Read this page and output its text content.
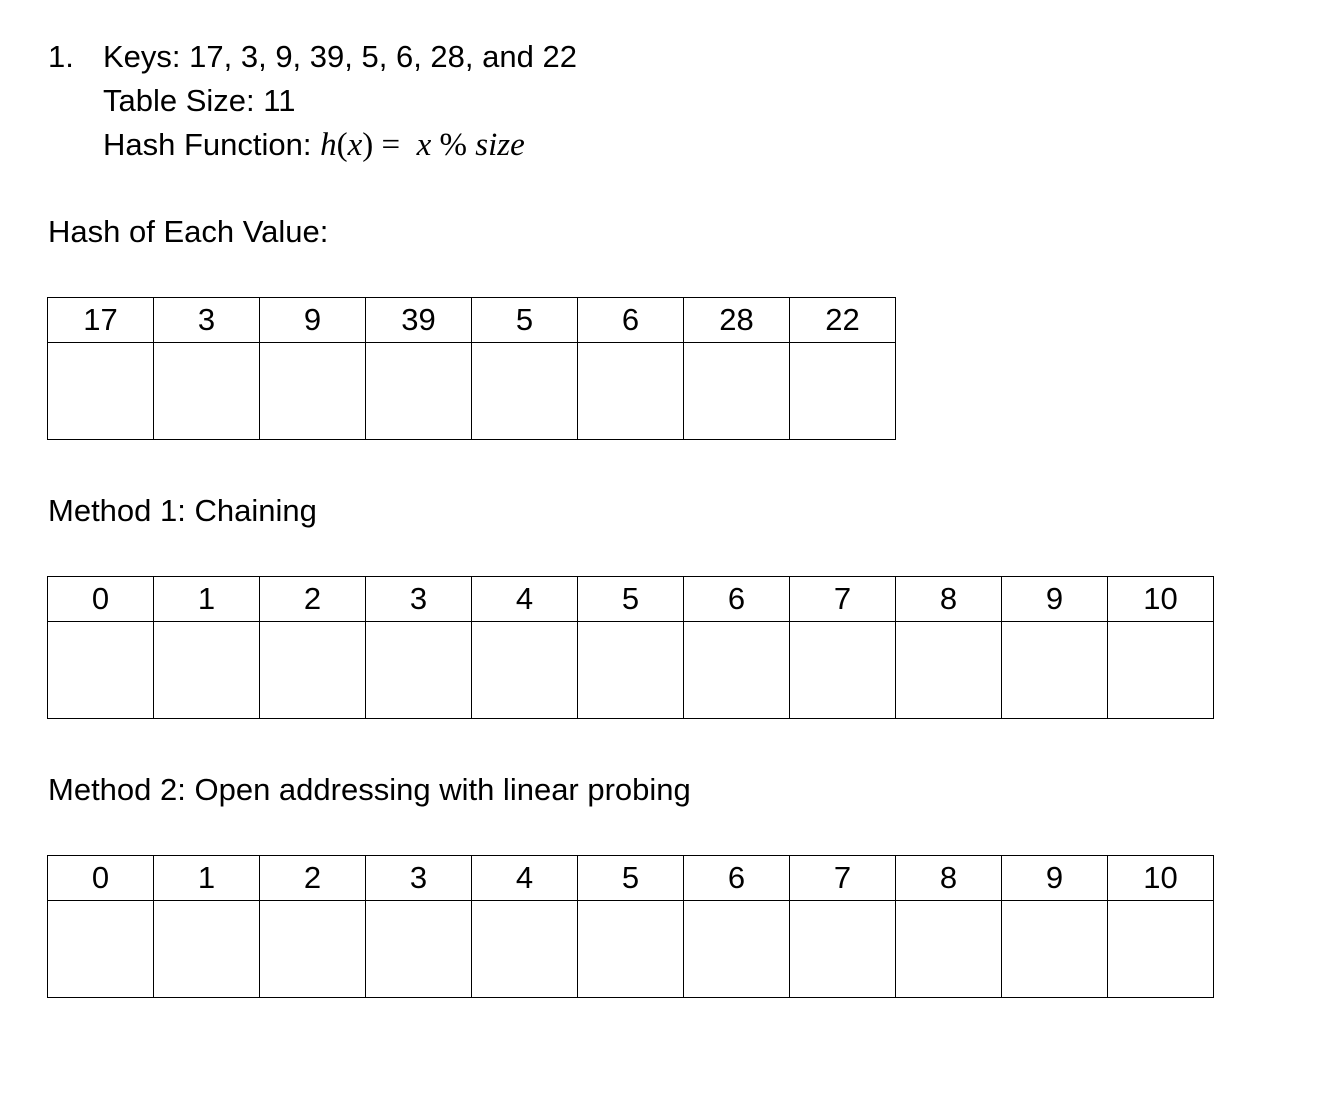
1. Keys: 17, 3, 9, 39, 5, 6, 28, and 22
Table Size: 11
Hash Function: h(x) = x % size
Hash of Each Value:
17	3	9	39	5	6	28	22

Method 1: Chaining
0	1	2	3	4	5	6	7	8	9	10

Method 2: Open addressing with linear probing
0	1	2	3	4	5	6	7	8	9	10
